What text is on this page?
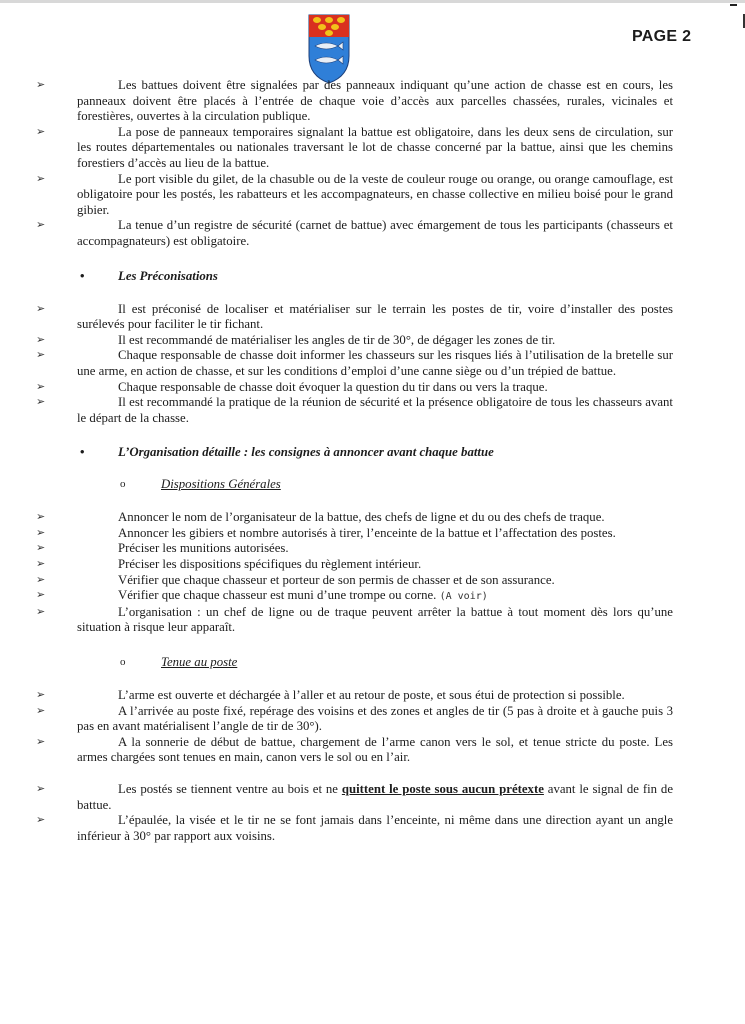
PAGE 2

➢	Les battues doivent être signalées par des panneaux indiquant qu’une action de chasse est en cours, les panneaux doivent être placés à l’entrée de chaque voie d’accès aux parcelles chassées, rurales, vicinales et forestières, ouvertes à la circulation publique.

➢	La pose de panneaux temporaires signalant la battue est obligatoire, dans les deux sens de circulation, sur les routes départementales ou nationales traversant le lot de chasse concerné par la battue, ainsi que les chemins forestiers d’accès au lieu de la battue.

➢	Le port visible du gilet, de la chasuble ou de la veste de couleur rouge ou orange, ou orange camouflage, est obligatoire pour les postés, les rabatteurs et les accompagnateurs, en chasse collective en milieu boisé pour le grand gibier.

➢	La tenue d’un registre de sécurité (carnet de battue) avec émargement de tous les participants (chasseurs et accompagnateurs) est obligatoire.

•	Les Préconisations

➢	Il est préconisé de localiser et matérialiser sur le terrain les postes de tir, voire d’installer des postes surélevés pour faciliter le tir fichant.

➢	Il est recommandé de matérialiser les angles de tir de 30°, de dégager les zones de tir.

➢	Chaque responsable de chasse doit informer les chasseurs sur les risques liés à l’utilisation de la bretelle sur une arme, en action de chasse, et sur les conditions d’emploi d’une canne siège ou d’un trépied de battue.

➢	Chaque responsable de chasse doit évoquer la question du tir dans ou vers la traque.

➢	Il est recommandé la pratique de la réunion de sécurité et la présence obligatoire de tous les chasseurs avant le départ de la chasse.

•	L’Organisation détaille : les consignes à annoncer avant chaque battue
o	Dispositions Générales

➢	Annoncer le nom de l’organisateur de la battue, des chefs de ligne et du ou des chefs de traque.

➢	Annoncer les gibiers et nombre autorisés à tirer, l’enceinte de la battue et l’affectation des postes.

➢	Préciser les munitions autorisées.

➢	Préciser les dispositions spécifiques du règlement intérieur.

➢	Vérifier que chaque chasseur et porteur de son permis de chasser et de son assurance.

➢	Vérifier que chaque chasseur est muni d’une trompe ou corne. (A voir)

➢	L’organisation : un chef de ligne ou de traque peuvent arrêter la battue à tout moment dès lors qu’une situation à risque leur apparaît.

o	Tenue au poste

➢	L’arme est ouverte et déchargée à l’aller et au retour de poste, et sous étui de protection si possible.

➢	A l’arrivée au poste fixé, repérage des voisins et des zones et angles de tir (5 pas à droite et à gauche puis 3 pas en avant matérialisent l’angle de tir de 30°).

➢	A la sonnerie de début de battue, chargement de l’arme canon vers le sol, et tenue stricte du poste. Les armes chargées sont tenues en main, canon vers le sol ou en l’air.

➢	Les postés se tiennent ventre au bois et ne quittent le poste sous aucun prétexte avant le signal de fin de battue.

➢	L’épaulée, la visée et le tir ne se font jamais dans l’enceinte, ni même dans une direction ayant un angle inférieur à 30° par rapport aux voisins.
